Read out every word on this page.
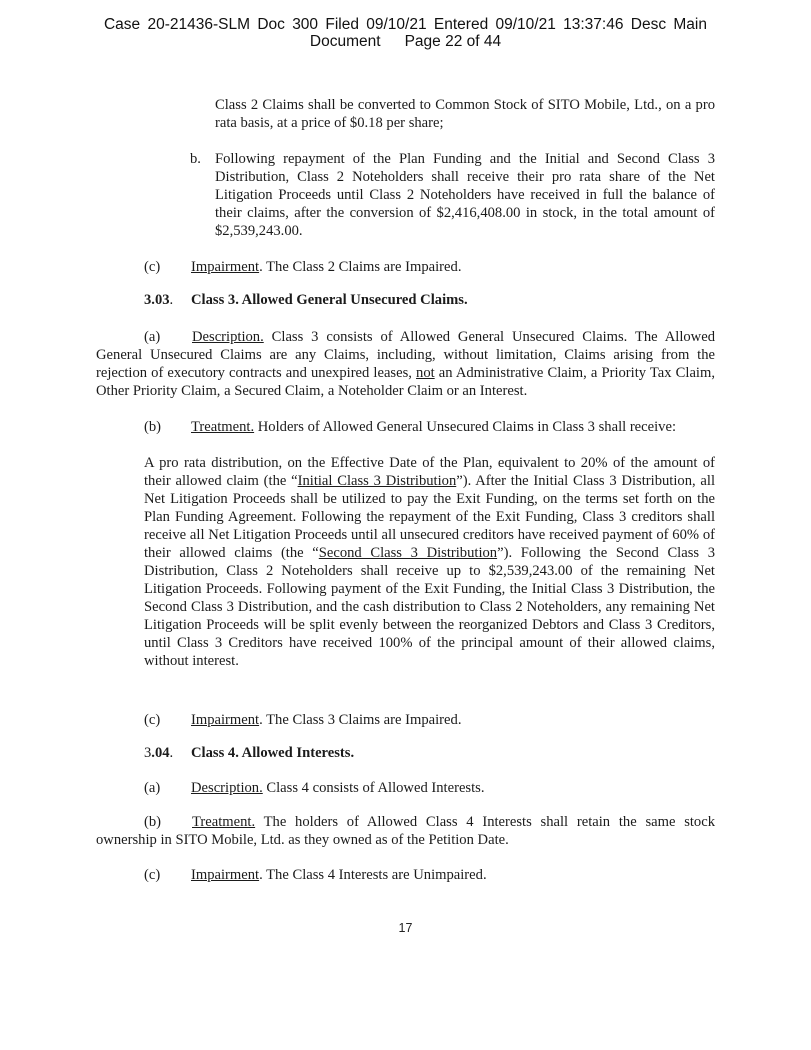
Case 20-21436-SLM Doc 300 Filed 09/10/21 Entered 09/10/21 13:37:46 Desc Main
Document Page 22 of 44
Class 2 Claims shall be converted to Common Stock of SITO Mobile, Ltd., on a pro rata basis, at a price of $0.18 per share;
b. Following repayment of the Plan Funding and the Initial and Second Class 3 Distribution, Class 2 Noteholders shall receive their pro rata share of the Net Litigation Proceeds until Class 2 Noteholders have received in full the balance of their claims, after the conversion of $2,416,408.00 in stock, in the total amount of $2,539,243.00.
(c) Impairment. The Class 2 Claims are Impaired.
3.03. Class 3. Allowed General Unsecured Claims.
(a) Description. Class 3 consists of Allowed General Unsecured Claims. The Allowed General Unsecured Claims are any Claims, including, without limitation, Claims arising from the rejection of executory contracts and unexpired leases, not an Administrative Claim, a Priority Tax Claim, Other Priority Claim, a Secured Claim, a Noteholder Claim or an Interest.
(b) Treatment. Holders of Allowed General Unsecured Claims in Class 3 shall receive:
A pro rata distribution, on the Effective Date of the Plan, equivalent to 20% of the amount of their allowed claim (the “Initial Class 3 Distribution”). After the Initial Class 3 Distribution, all Net Litigation Proceeds shall be utilized to pay the Exit Funding, on the terms set forth on the Plan Funding Agreement. Following the repayment of the Exit Funding, Class 3 creditors shall receive all Net Litigation Proceeds until all unsecured creditors have received payment of 60% of their allowed claims (the “Second Class 3 Distribution”). Following the Second Class 3 Distribution, Class 2 Noteholders shall receive up to $2,539,243.00 of the remaining Net Litigation Proceeds. Following payment of the Exit Funding, the Initial Class 3 Distribution, the Second Class 3 Distribution, and the cash distribution to Class 2 Noteholders, any remaining Net Litigation Proceeds will be split evenly between the reorganized Debtors and Class 3 Creditors, until Class 3 Creditors have received 100% of the principal amount of their allowed claims, without interest.
(c) Impairment. The Class 3 Claims are Impaired.
3.04. Class 4. Allowed Interests.
(a) Description. Class 4 consists of Allowed Interests.
(b) Treatment. The holders of Allowed Class 4 Interests shall retain the same stock ownership in SITO Mobile, Ltd. as they owned as of the Petition Date.
(c) Impairment. The Class 4 Interests are Unimpaired.
17
